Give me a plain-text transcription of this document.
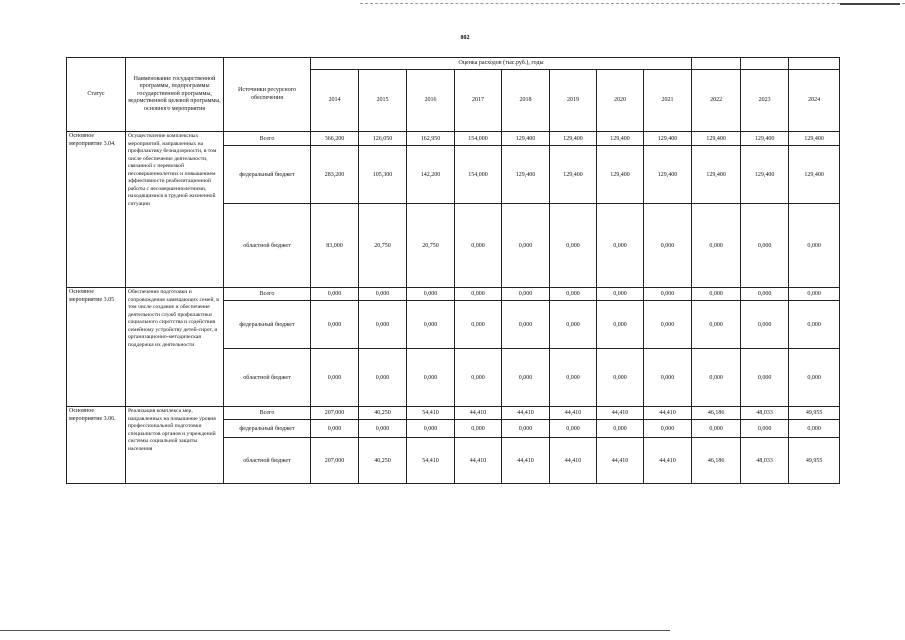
802
Статус	Наименование государственной программы, подпрограммы государственной программы, ведомственной целевой программы, основного мероприятия	Источники ресурсного обеспечения	Оценка расходов (тыс.руб.), годы										
			2014	2015	2016	2017	2018	2019	2020	2021	2022	2023	2024
Основное мероприятие 3.04.	Осуществление комплексных мероприятий, направленных на профилактику безнадзорности, в том числе обеспечение деятельности, связанной с перевозкой несовершеннолетних и повышением эффективности реабилитационной работы с несовершеннолетними, находящимися в трудной жизненной ситуации	Всего	366,200	126,050	162,950	154,000	129,400	129,400	129,400	129,400	129,400	129,400	129,400
		федеральный бюджет	283,200	105,300	142,200	154,000	129,400	129,400	129,400	129,400	129,400	129,400	129,400
		областной бюджет	83,000	20,750	20,750	0,000	0,000	0,000	0,000	0,000	0,000	0,000	0,000
Основное мероприятие 3.05	Обеспечение подготовки и сопровождения замещающих семей, в том числе создание и обеспечение деятельности служб профилактики социального сиротства и содействия семейному устройству детей-сирот, и организационно-методическая поддержка их деятельности	Всего	0,000	0,000	0,000	0,000	0,000	0,000	0,000	0,000	0,000	0,000	0,000
		федеральный бюджет	0,000	0,000	0,000	0,000	0,000	0,000	0,000	0,000	0,000	0,000	0,000
		областной бюджет	0,000	0,000	0,000	0,000	0,000	0,000	0,000	0,000	0,000	0,000	0,000
Основное мероприятие 3.06.	Реализация комплекса мер, направленных на повышение уровня профессиональной подготовки специалистов органов и учреждений системы социальной защиты населения	Всего	207,000	40,250	54,410	44,410	44,410	44,410	44,410	44,410	46,186	48,033	49,955
		федеральный бюджет	0,000	0,000	0,000	0,000	0,000	0,000	0,000	0,000	0,000	0,000	0,000
		областной бюджет	207,000	40,250	54,410	44,410	44,410	44,410	44,410	44,410	46,186	48,033	49,955
